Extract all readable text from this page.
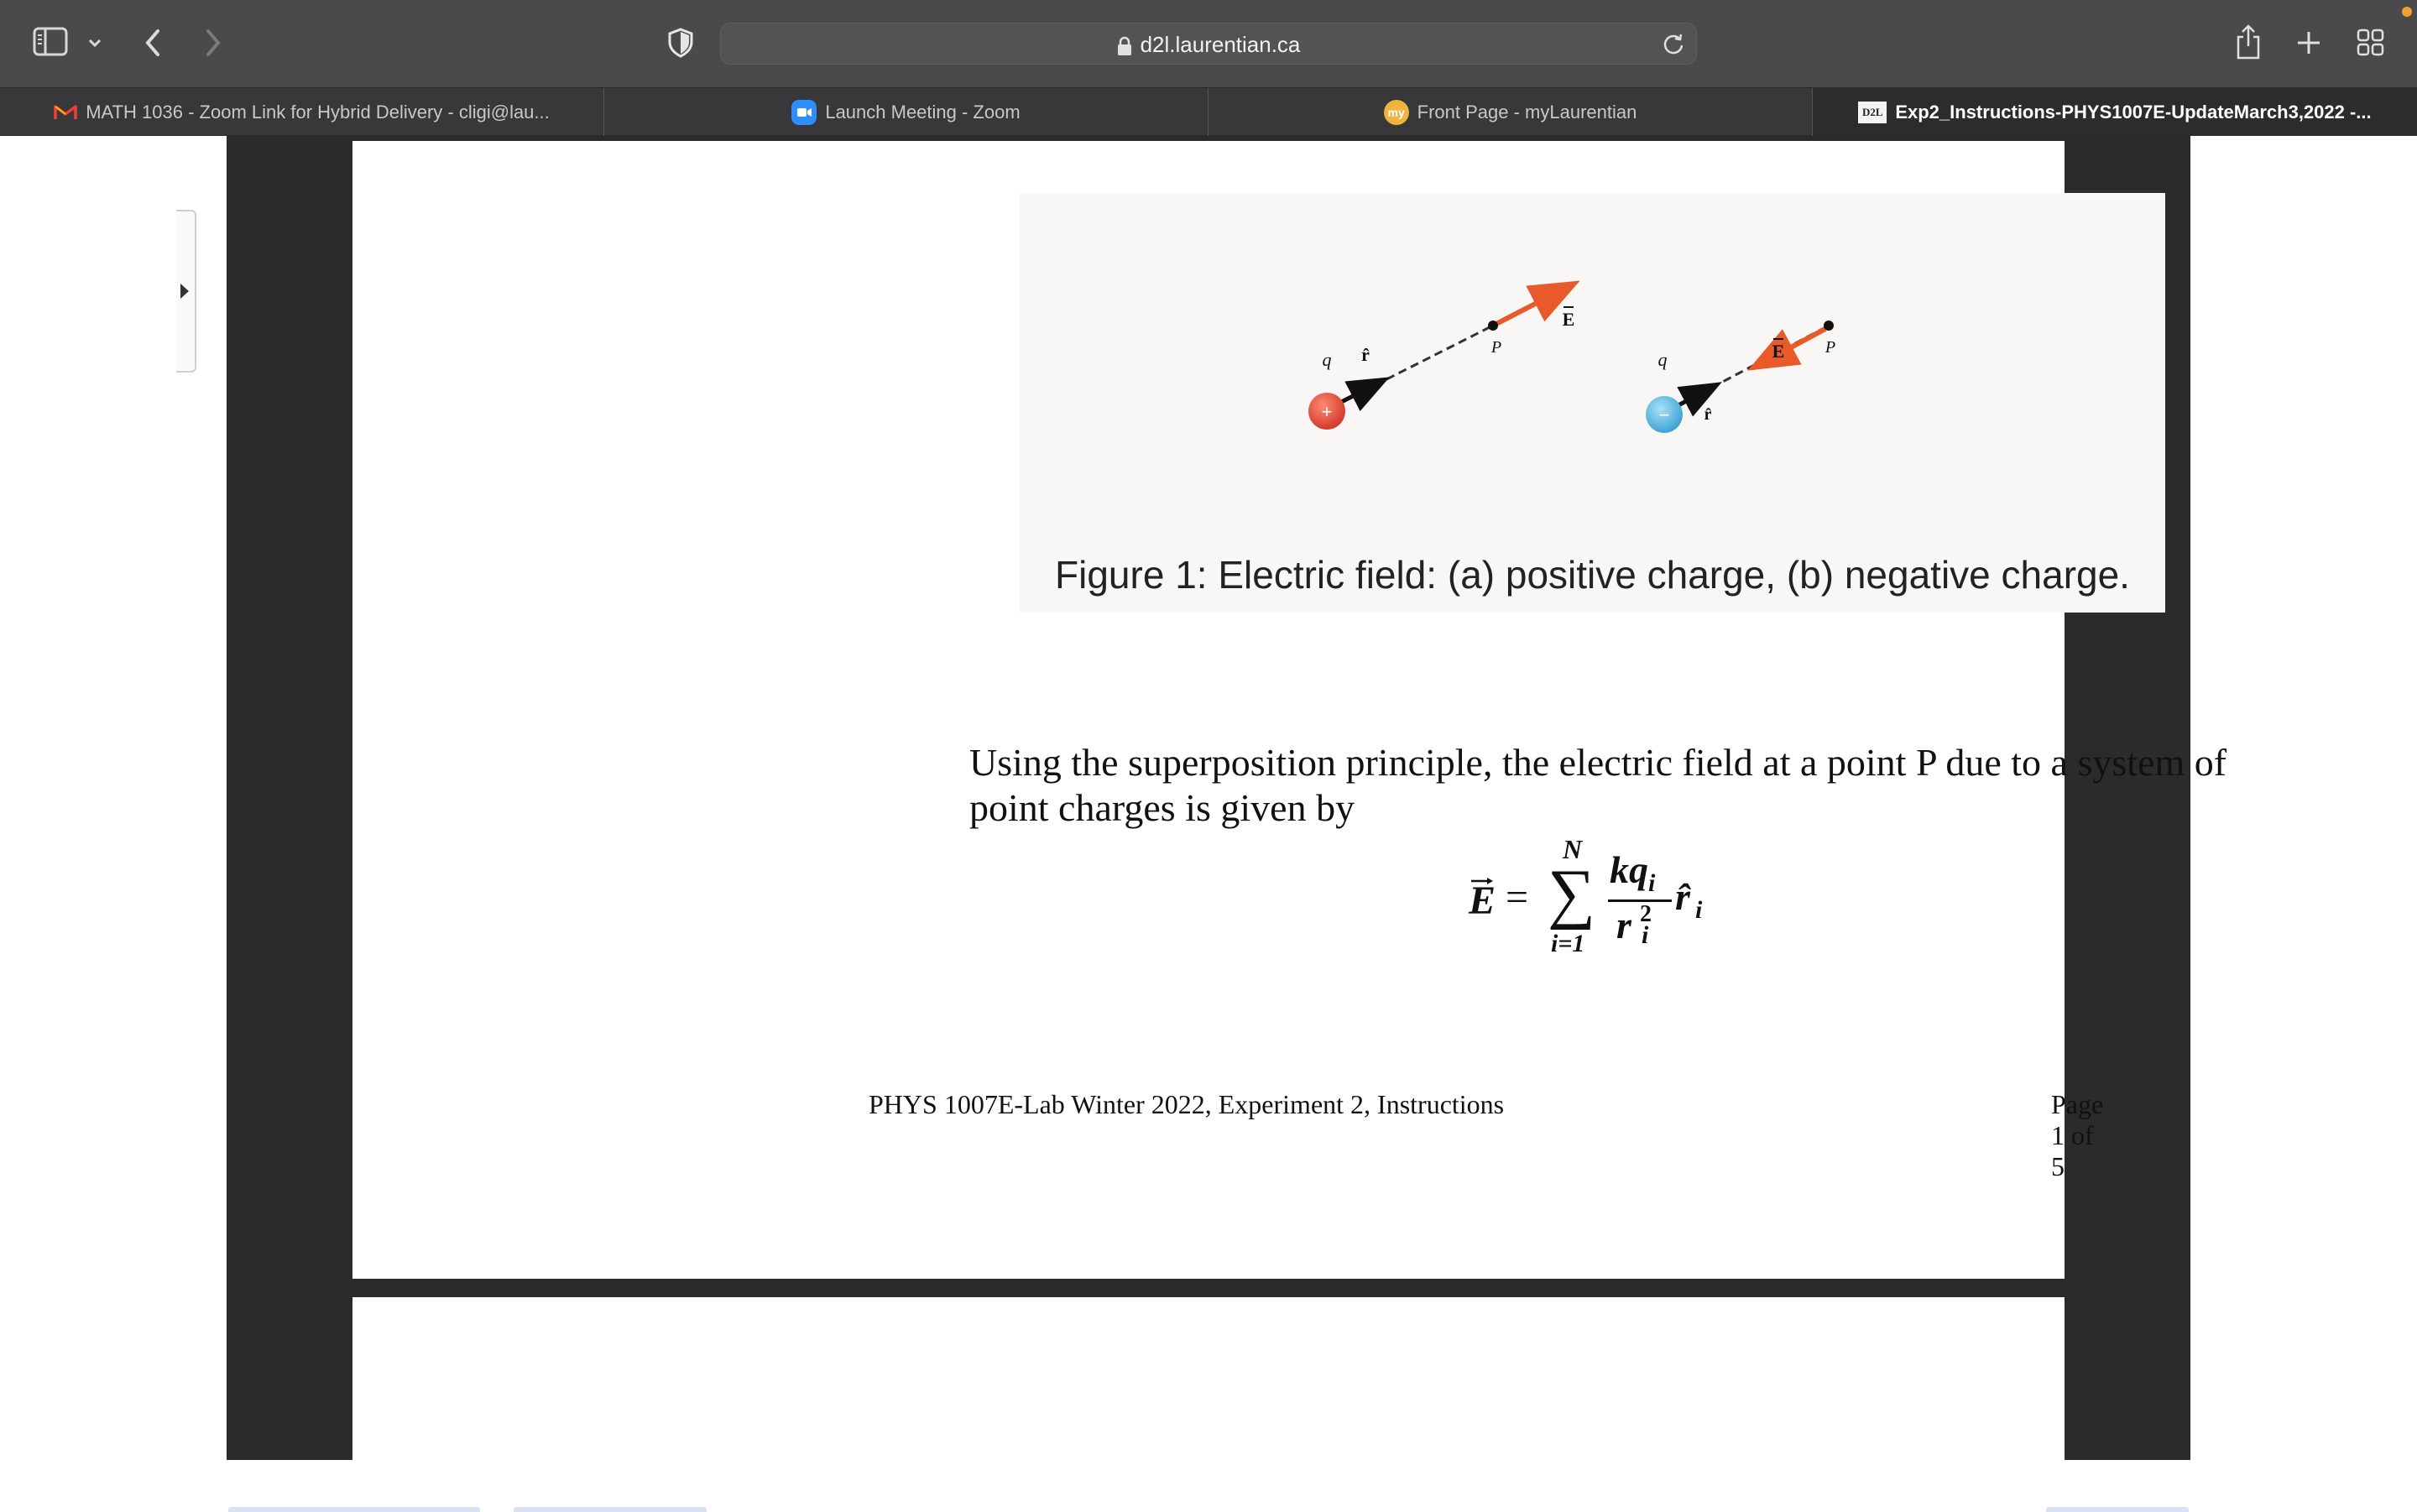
d2l.laurentian.ca
MATH 1036 - Zoom Link for Hybrid Delivery - cligi@lau...	Launch Meeting - Zoom	my Front Page - myLaurentian	D2L Exp2_Instructions-PHYS1007E-UpdateMarch3,2022 -...
+
q r̂	P
E
−
q
r̂
P
E
Figure 1: Electric field: (a) positive charge, (b) negative charge.
Using the superposition principle, the electric field at a point P due to a system of point charges is given by
E =
N
∑
i=1
$kq_i$
r 2
i
r̂ i
PHYS 1007E-Lab Winter 2022, Experiment 2, Instructions	Page 1 of 5
